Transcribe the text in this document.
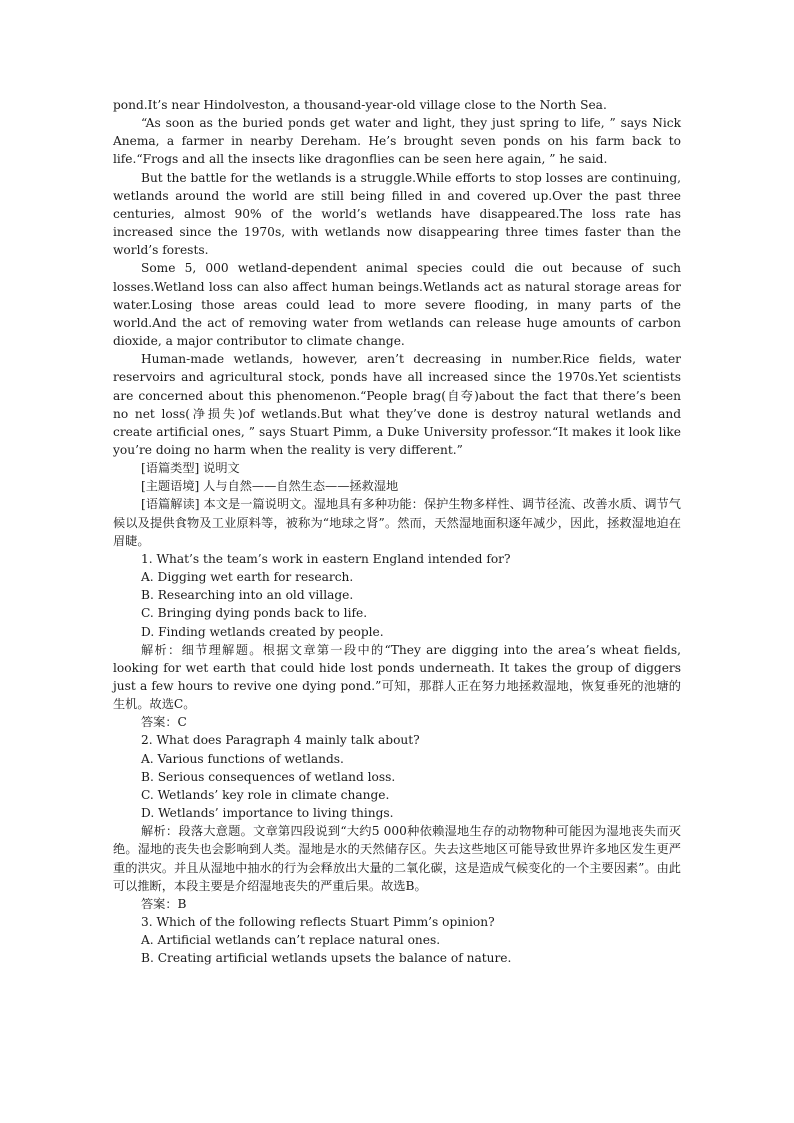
pond.It’s near Hindolveston, a thousand-year-old village close to the North Sea.

“As soon as the buried ponds get water and light, they just spring to life, ” says Nick Anema, a farmer in nearby Dereham. He’s brought seven ponds on his farm back to life.“Frogs and all the insects like dragonflies can be seen here again, ” he said.

But the battle for the wetlands is a struggle.While efforts to stop losses are continuing, wetlands around the world are still being filled in and covered up.Over the past three centuries, almost 90% of the world’s wetlands have disappeared.The loss rate has increased since the 1970s, with wetlands now disappearing three times faster than the world’s forests.

Some 5, 000 wetland-dependent animal species could die out because of such losses.Wetland loss can also affect human beings.Wetlands act as natural storage areas for water.Losing those areas could lead to more severe flooding, in many parts of the world.And the act of removing water from wetlands can release huge amounts of carbon dioxide, a major contributor to climate change.

Human-made wetlands, however, aren’t decreasing in number.Rice fields, water reservoirs and agricultural stock, ponds have all increased since the 1970s.Yet scientists are concerned about this phenomenon.“People brag(自夸)about the fact that there’s been no net loss(净损失)of wetlands.But what they’ve done is destroy natural wetlands and create artificial ones, ” says Stuart Pimm, a Duke University professor.“It makes it look like you’re doing no harm when the reality is very different.”

[语篇类型] 说明文

[主题语境] 人与自然——自然生态——拯救湿地

[语篇解读] 本文是一篇说明文。湿地具有多种功能：保护生物多样性、调节径流、改善水质、调节气候以及提供食物及工业原料等，被称为“地球之肾”。然而，天然湿地面积逐年减少，因此，拯救湿地迫在眉睫。

1. What’s the team’s work in eastern England intended for?

A. Digging wet earth for research.

B. Researching into an old village.

C. Bringing dying ponds back to life.

D. Finding wetlands created by people.

解析：细节理解题。根据文章第一段中的“They are digging into the area’s wheat fields, looking for wet earth that could hide lost ponds underneath. It takes the group of diggers just a few hours to revive one dying pond.”可知，那群人正在努力地拯救湿地，恢复垂死的池塘的生机。故选C。

答案：C

2. What does Paragraph 4 mainly talk about?

A. Various functions of wetlands.

B. Serious consequences of wetland loss.

C. Wetlands’ key role in climate change.

D. Wetlands’ importance to living things.

解析：段落大意题。文章第四段说到“大约5 000种依赖湿地生存的动物物种可能因为湿地丧失而灭绝。湿地的丧失也会影响到人类。湿地是水的天然储存区。失去这些地区可能导致世界许多地区发生更严重的洪灾。并且从湿地中抽水的行为会释放出大量的二氧化碳，这是造成气候变化的一个主要因素”。由此可以推断，本段主要是介绍湿地丧失的严重后果。故选B。

答案：B

3. Which of the following reflects Stuart Pimm’s opinion?

A. Artificial wetlands can’t replace natural ones.

B. Creating artificial wetlands upsets the balance of nature.
